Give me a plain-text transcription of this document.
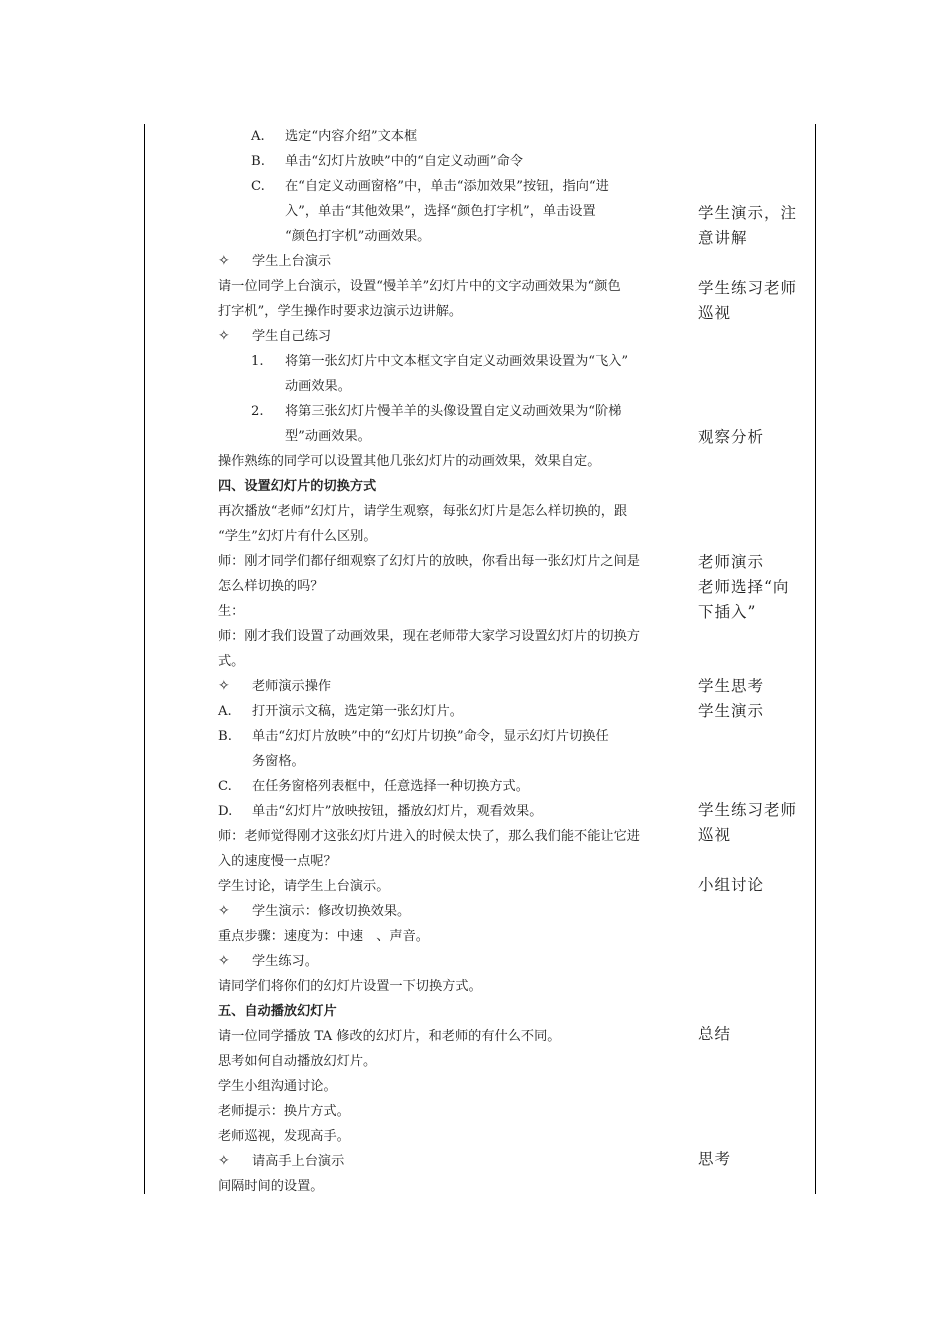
A. 选定“内容介绍”文本框
B. 单击“幻灯片放映”中的“自定义动画”命令
C. 在“自定义动画窗格”中，单击“添加效果”按钮，指向“进
入”，单击“其他效果”，选择“颜色打字机”，单击设置
“颜色打字机”动画效果。
✧ 学生上台演示
请一位同学上台演示，设置“慢羊羊”幻灯片中的文字动画效果为“颜色
打字机”，学生操作时要求边演示边讲解。
✧ 学生自己练习
1. 将第一张幻灯片中文本框文字自定义动画效果设置为“飞入”
动画效果。
2. 将第三张幻灯片慢羊羊的头像设置自定义动画效果为“阶梯
型”动画效果。
操作熟练的同学可以设置其他几张幻灯片的动画效果，效果自定。
四、设置幻灯片的切换方式
再次播放“老师”幻灯片，请学生观察，每张幻灯片是怎么样切换的，跟
“学生”幻灯片有什么区别。
师：刚才同学们都仔细观察了幻灯片的放映，你看出每一张幻灯片之间是
怎么样切换的吗？
生：
师：刚才我们设置了动画效果，现在老师带大家学习设置幻灯片的切换方
式。
✧ 老师演示操作
A. 打开演示文稿，选定第一张幻灯片。
B. 单击“幻灯片放映”中的“幻灯片切换”命令，显示幻灯片切换任
务窗格。
C. 在任务窗格列表框中，任意选择一种切换方式。
D. 单击“幻灯片”放映按钮，播放幻灯片，观看效果。
师：老师觉得刚才这张幻灯片进入的时候太快了，那么我们能不能让它进
入的速度慢一点呢？
学生讨论，请学生上台演示。
✧ 学生演示：修改切换效果。
重点步骤：速度为：中速　、声音。
✧ 学生练习。
请同学们将你们的幻灯片设置一下切换方式。
五、自动播放幻灯片
请一位同学播放 TA 修改的幻灯片，和老师的有什么不同。
思考如何自动播放幻灯片。
学生小组沟通讨论。
老师提示：换片方式。
老师巡视，发现高手。
✧ 请高手上台演示
间隔时间的设置。
学生演示，注
意讲解
学生练习老师
巡视
观察分析
老师演示
老师选择“向
下插入”
学生思考
学生演示
学生练习老师
巡视
小组讨论
总结
思考
